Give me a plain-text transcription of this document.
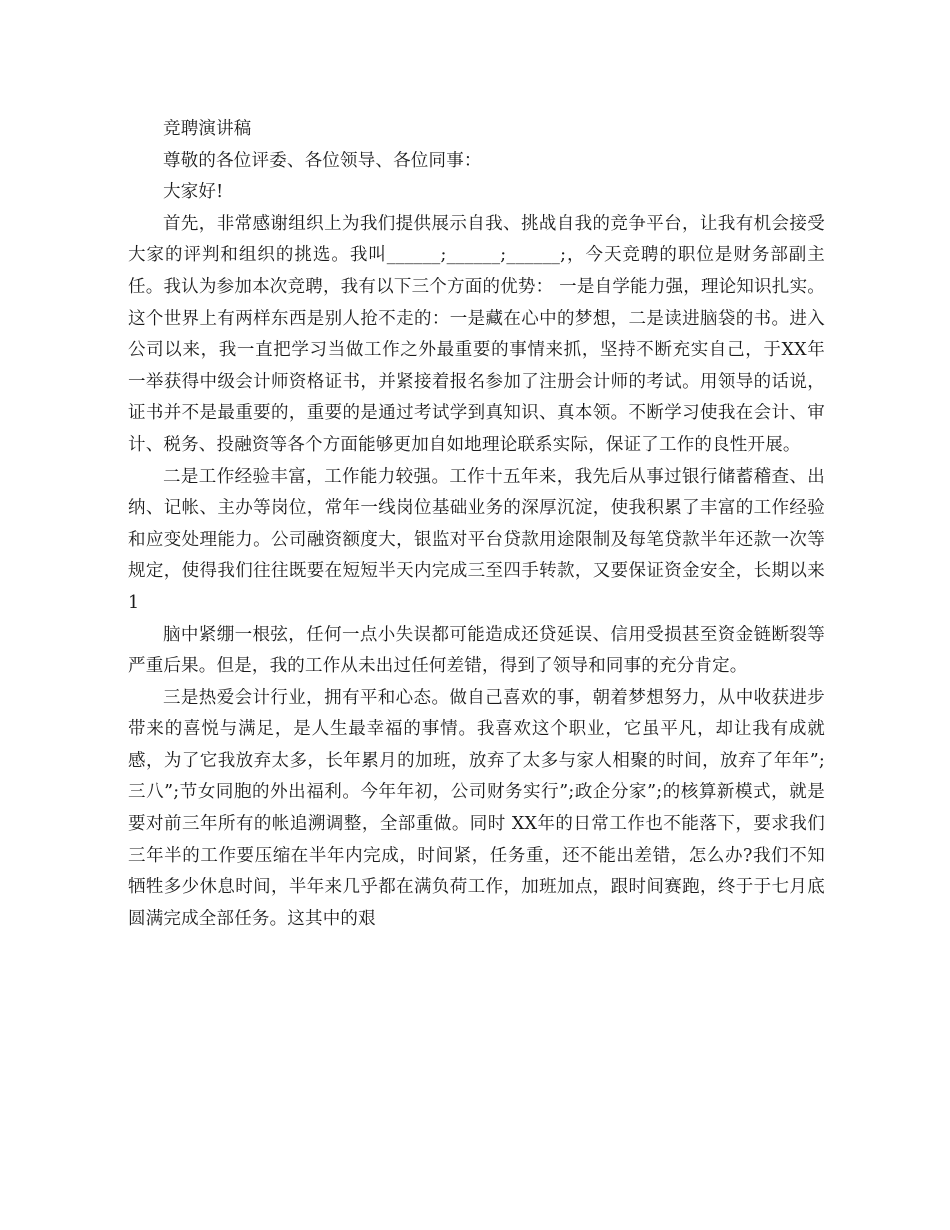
竞聘演讲稿

尊敬的各位评委、各位领导、各位同事：

大家好!

首先，非常感谢组织上为我们提供展示自我、挑战自我的竞争平台，让我有机会接受大家的评判和组织的挑选。我叫______;______;______;，今天竞聘的职位是财务部副主任。我认为参加本次竞聘，我有以下三个方面的优势： 一是自学能力强，理论知识扎实。这个世界上有两样东西是别人抢不走的：一是藏在心中的梦想，二是读进脑袋的书。进入公司以来，我一直把学习当做工作之外最重要的事情来抓，坚持不断充实自己，于XX年一举获得中级会计师资格证书，并紧接着报名参加了注册会计师的考试。用领导的话说，证书并不是最重要的，重要的是通过考试学到真知识、真本领。不断学习使我在会计、审计、税务、投融资等各个方面能够更加自如地理论联系实际，保证了工作的良性开展。

二是工作经验丰富，工作能力较强。工作十五年来，我先后从事过银行储蓄稽查、出纳、记帐、主办等岗位，常年一线岗位基础业务的深厚沉淀，使我积累了丰富的工作经验和应变处理能力。公司融资额度大，银监对平台贷款用途限制及每笔贷款半年还款一次等规定，使得我们往往既要在短短半天内完成三至四手转款，又要保证资金安全，长期以来 1

脑中紧绷一根弦，任何一点小失误都可能造成还贷延误、信用受损甚至资金链断裂等严重后果。但是，我的工作从未出过任何差错，得到了领导和同事的充分肯定。

三是热爱会计行业，拥有平和心态。做自己喜欢的事，朝着梦想努力，从中收获进步带来的喜悦与满足，是人生最幸福的事情。我喜欢这个职业，它虽平凡，却让我有成就感，为了它我放弃太多，长年累月的加班，放弃了太多与家人相聚的时间，放弃了年年”;三八”;节女同胞的外出福利。今年年初，公司财务实行”;政企分家”;的核算新模式，就是要对前三年所有的帐追溯调整，全部重做。同时 XX年的日常工作也不能落下，要求我们三年半的工作要压缩在半年内完成，时间紧，任务重，还不能出差错，怎么办?我们不知牺牲多少休息时间，半年来几乎都在满负荷工作，加班加点，跟时间赛跑，终于于七月底圆满完成全部任务。这其中的艰
